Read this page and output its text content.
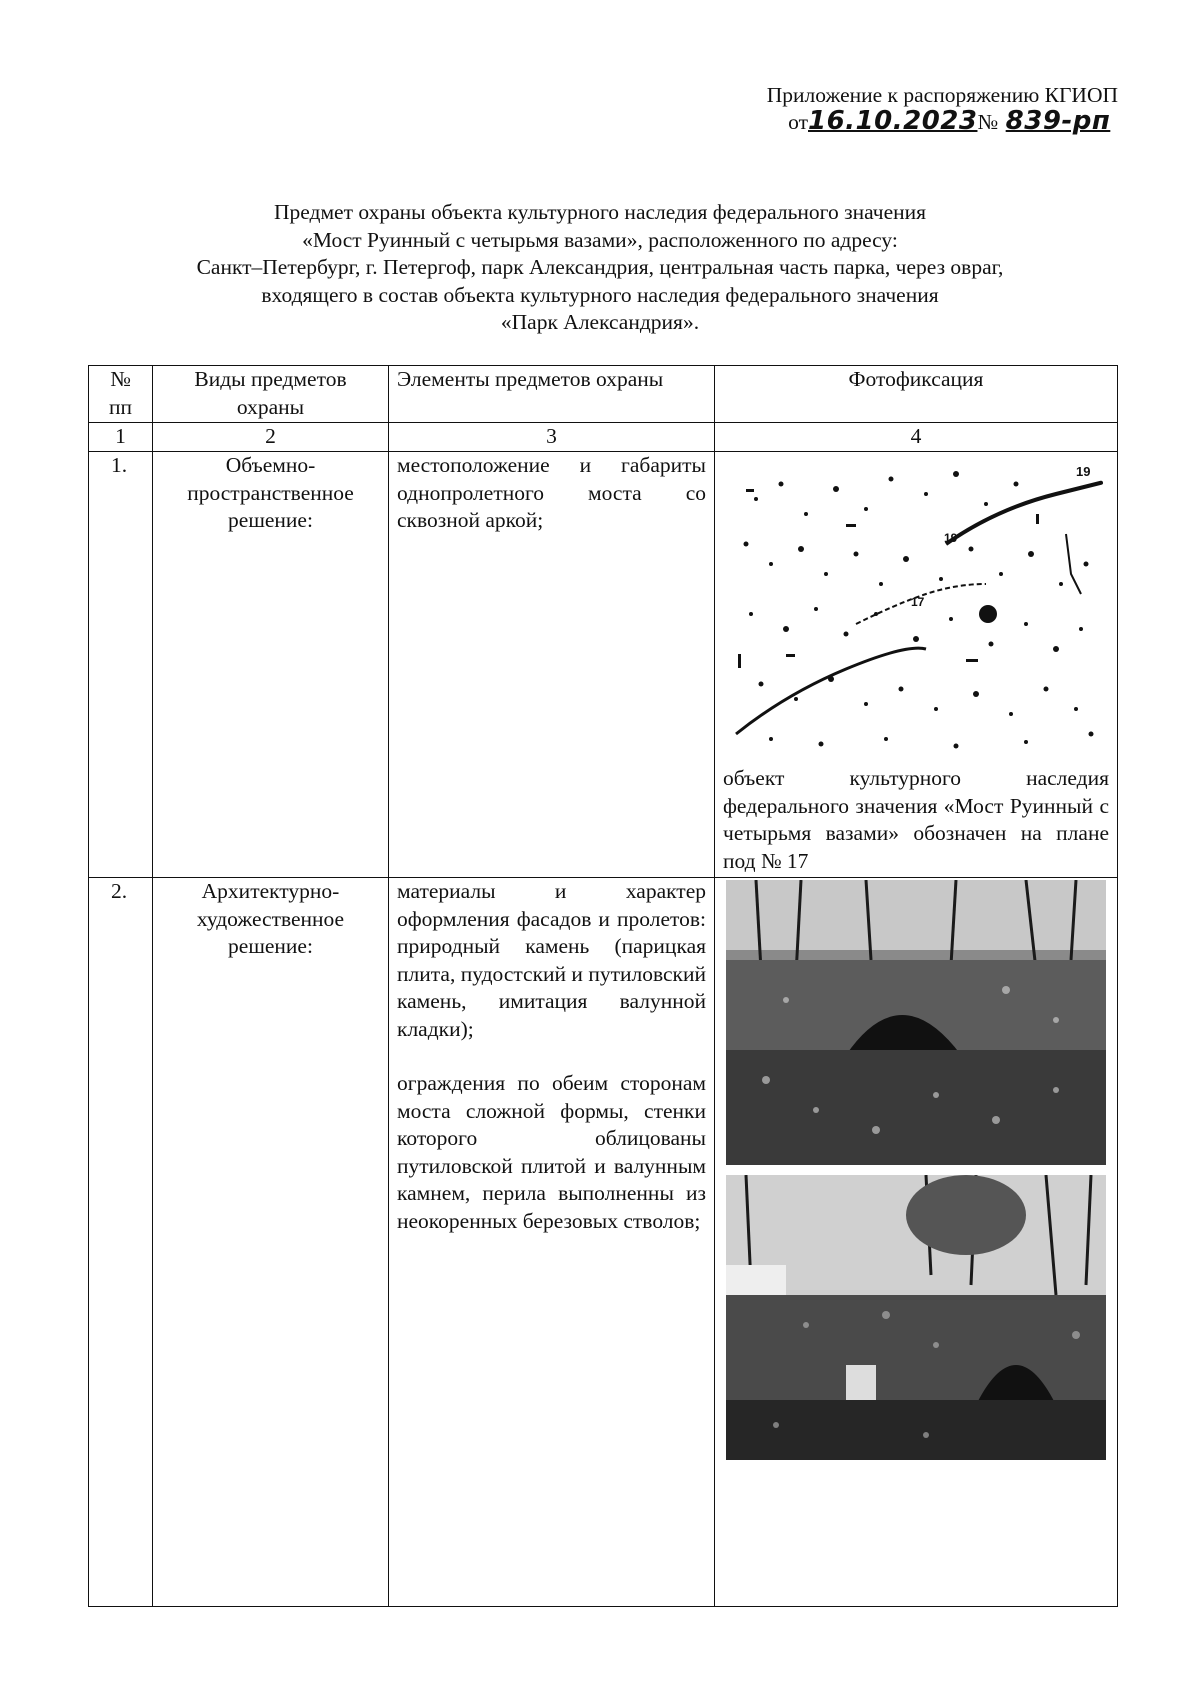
Приложение к распоряжению КГИОП
от16.10.2023№ 839-рп
Предмет охраны объекта культурного наследия федерального значения
«Мост Руинный с четырьмя вазами», расположенного по адресу:
Санкт–Петербург, г. Петергоф, парк Александрия, центральная часть парка, через овраг,
входящего в состав объекта культурного наследия федерального значения
«Парк Александрия».
№ пп	Виды предметов охраны	Элементы предметов охраны	Фотофиксация
1	2	3	4
1.	Объемно-пространственное решение:	местоположение и габариты однопролетного моста со сквозной аркой;	19
19
17
объект культурного наследия федерального значения «Мост Руинный с четырьмя вазами» обозначен на плане под № 17

2.	Архитектурно-художественное решение:	материалы и характер оформления фасадов и пролетов: природный камень (парицкая плита, пудостский и путиловский камень, имитация валунной кладки);

ограждения по обеим сторонам моста сложной формы, стенки которого облицованы путиловской плитой и валунным камнем, перила выполненны из неокоренных березовых стволов;
